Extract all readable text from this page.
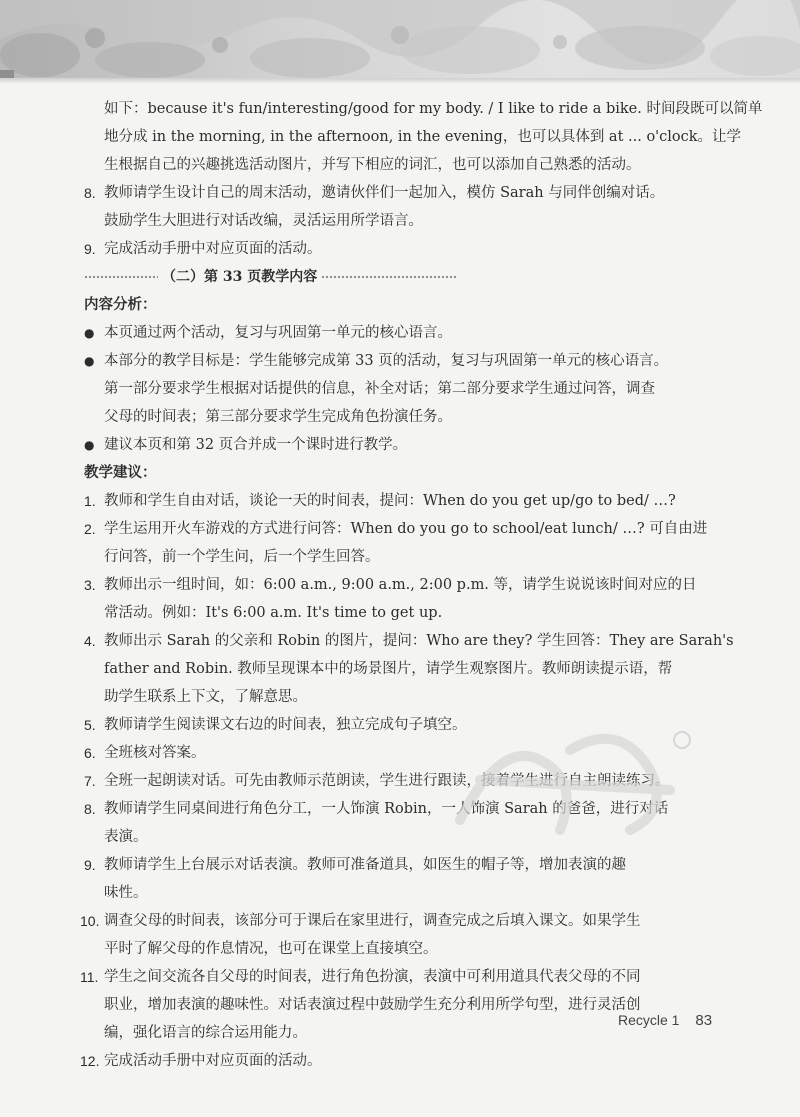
如下：because it's fun/interesting/good for my body. / I like to ride a bike. 时间段既可以简单
地分成 in the morning, in the afternoon, in the evening，也可以具体到 at ... o'clock。让学
生根据自己的兴趣挑选活动图片，并写下相应的词汇，也可以添加自己熟悉的活动。
8. 教师请学生设计自己的周末活动，邀请伙伴们一起加入，模仿 Sarah 与同伴创编对话。
鼓励学生大胆进行对话改编，灵活运用所学语言。
9. 完成活动手册中对应页面的活动。
（二）第 33 页教学内容
内容分析：
● 本页通过两个活动，复习与巩固第一单元的核心语言。
● 本部分的教学目标是：学生能够完成第 33 页的活动，复习与巩固第一单元的核心语言。
第一部分要求学生根据对话提供的信息，补全对话；第二部分要求学生通过问答，调查
父母的时间表；第三部分要求学生完成角色扮演任务。
● 建议本页和第 32 页合并成一个课时进行教学。
教学建议：
1. 教师和学生自由对话，谈论一天的时间表，提问：When do you get up/go to bed/ …?
2. 学生运用开火车游戏的方式进行问答：When do you go to school/eat lunch/ …? 可自由进
行问答，前一个学生问，后一个学生回答。
3. 教师出示一组时间，如：6:00 a.m., 9:00 a.m., 2:00 p.m. 等，请学生说说该时间对应的日
常活动。例如：It's 6:00 a.m. It's time to get up.
4. 教师出示 Sarah 的父亲和 Robin 的图片，提问：Who are they? 学生回答：They are Sarah's
father and Robin. 教师呈现课本中的场景图片，请学生观察图片。教师朗读提示语，帮
助学生联系上下文，了解意思。
5. 教师请学生阅读课文右边的时间表，独立完成句子填空。
6. 全班核对答案。
7. 全班一起朗读对话。可先由教师示范朗读，学生进行跟读，接着学生进行自主朗读练习。
8. 教师请学生同桌间进行角色分工，一人饰演 Robin，一人饰演 Sarah 的爸爸，进行对话
表演。
9. 教师请学生上台展示对话表演。教师可准备道具，如医生的帽子等，增加表演的趣
味性。
10. 调查父母的时间表，该部分可于课后在家里进行，调查完成之后填入课文。如果学生
平时了解父母的作息情况，也可在课堂上直接填空。
11. 学生之间交流各自父母的时间表，进行角色扮演，表演中可利用道具代表父母的不同
职业，增加表演的趣味性。对话表演过程中鼓励学生充分利用所学句型，进行灵活创
编，强化语言的综合运用能力。
12. 完成活动手册中对应页面的活动。
Recycle 1 83
